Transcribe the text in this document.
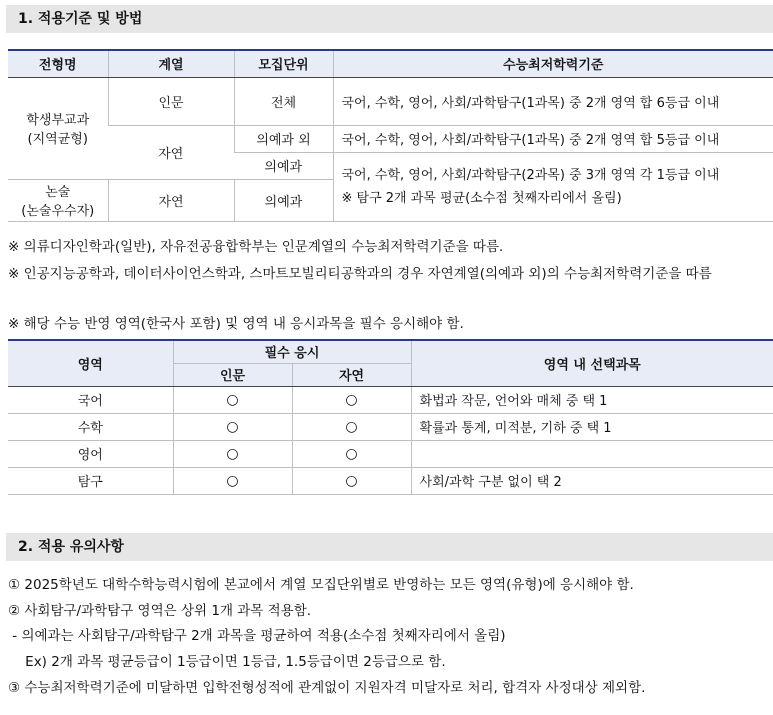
1. 적용기준 및 방법
전형명	계열	모집단위	수능최저학력기준

학생부교과
(지역균형)	인문	전체	국어, 수학, 영어, 사회/과학탐구(1과목) 중 2개 영역 합 6등급 이내
	자연	의예과 외	국어, 수학, 영어, 사회/과학탐구(1과목) 중 2개 영역 합 5등급 이내
		의예과	국어, 수학, 영어, 사회/과학탐구(2과목) 중 3개 영역 각 1등급 이내
※ 탐구 2개 과목 평균(소수점 첫째자리에서 올림)

논술
(논술우수자)	자연	의예과	
※ 의류디자인학과(일반), 자유전공융합학부는 인문계열의 수능최저학력기준을 따름.
※ 인공지능공학과, 데이터사이언스학과, 스마트모빌리티공학과의 경우 자연계열(의예과 외)의 수능최저학력기준을 따름
※ 해당 수능 반영 영역(한국사 포함) 및 영역 내 응시과목을 필수 응시해야 함.
영역	필수 응시		영역 내 선택과목
	인문	자연	
국어	○	○	화법과 작문, 언어와 매체 중 택 1
수학	○	○	확률과 통계, 미적분, 기하 중 택 1
영어	○	○	
탐구	○	○	사회/과학 구분 없이 택 2
2. 적용 유의사항
① 2025학년도 대학수학능력시험에 본교에서 계열 모집단위별로 반영하는 모든 영역(유형)에 응시해야 함.
② 사회탐구/과학탐구 영역은 상위 1개 과목 적용함.
- 의예과는 사회탐구/과학탐구 2개 과목을 평균하여 적용(소수점 첫째자리에서 올림)
Ex) 2개 과목 평균등급이 1등급이면 1등급, 1.5등급이면 2등급으로 함.
③ 수능최저학력기준에 미달하면 입학전형성적에 관계없이 지원자격 미달자로 처리, 합격자 사정대상 제외함.
